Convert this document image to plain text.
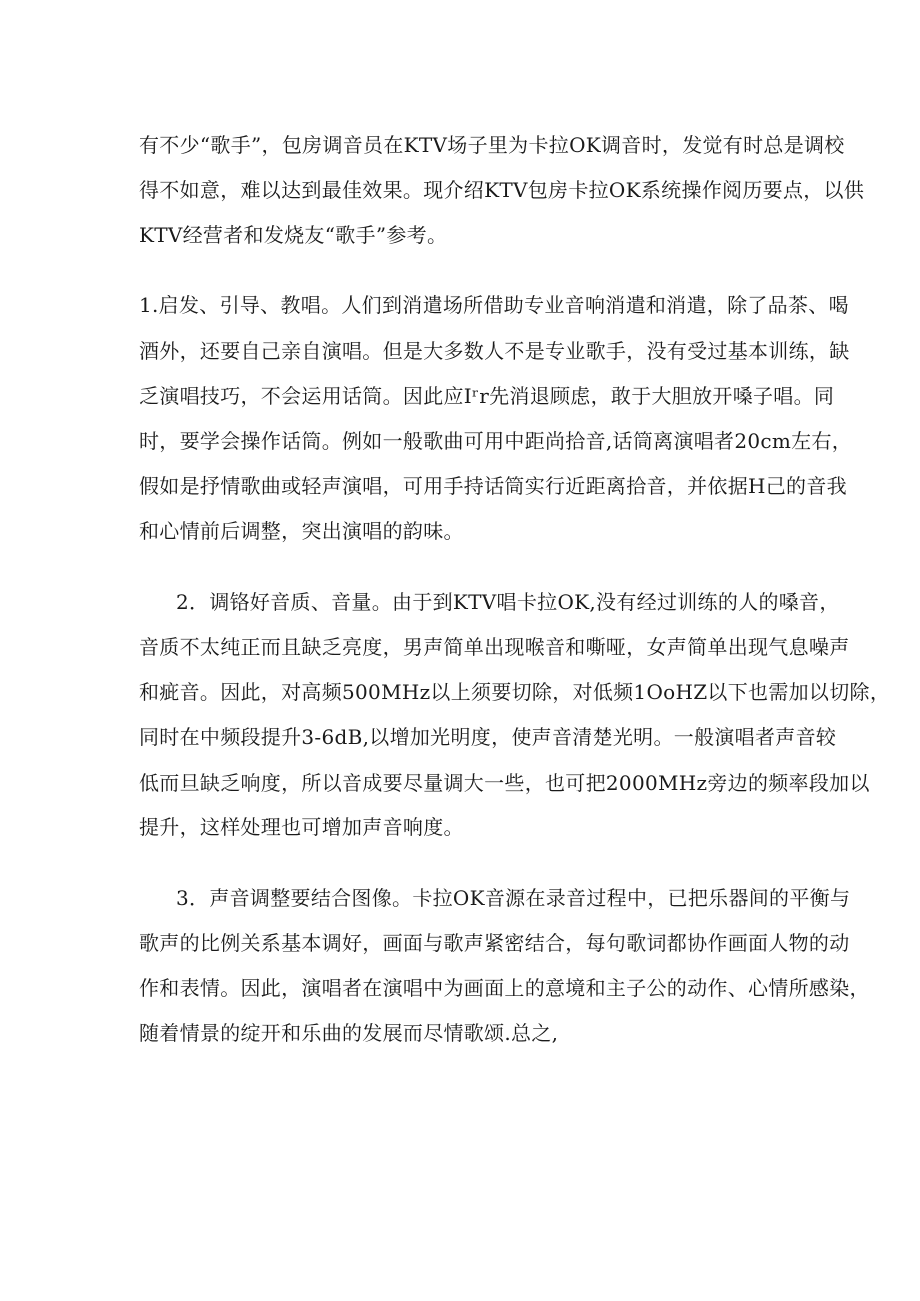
有不少“歌手”，包房调音员在KTV场子里为卡拉OK调音时，发觉有时总是调校

得不如意，难以达到最佳效果。现介绍KTV包房卡拉OK系统操作阅历要点，以供

KTV经营者和发烧友“歌手”参考。

1.启发、引导、教唱。人们到消遣场所借助专业音响消遣和消遣，除了品茶、喝

酒外，还要自己亲自演唱。但是大多数人不是专业歌手，没有受过基本训练，缺

乏演唱技巧，不会运用话筒。因此应Iʳr先消退顾虑，敢于大胆放开嗓子唱。同

时，要学会操作话筒。例如一般歌曲可用中距尚拾音,话筒离演唱者20cm左右，

假如是抒情歌曲或轻声演唱，可用手持话筒实行近距离拾音，并依据H己的音我

和心情前后调整，突出演唱的韵味。

2．调铬好音质、音量。由于到KTV唱卡拉OK,没有经过训练的人的嗓音，

音质不太纯正而且缺乏亮度，男声简单出现喉音和嘶哑，女声简单出现气息噪声

和疵音。因此，对高频500MHz以上须要切除，对低频1OoHZ以下也需加以切除，

同时在中频段提升3-6dB,以增加光明度，使声音清楚光明。一般演唱者声音较

低而旦缺乏响度，所以音成要尽量调大一些，也可把2000MHz旁边的频率段加以

提升，这样处理也可增加声音响度。

3．声音调整要结合图像。卡拉OK音源在录音过程中，已把乐器间的平衡与

歌声的比例关系基本调好，画面与歌声紧密结合，每句歌词都协作画面人物的动

作和表情。因此，演唱者在演唱中为画面上的意境和主子公的动作、心情所感染，

随着情景的绽开和乐曲的发展而尽情歌颂.总之,
